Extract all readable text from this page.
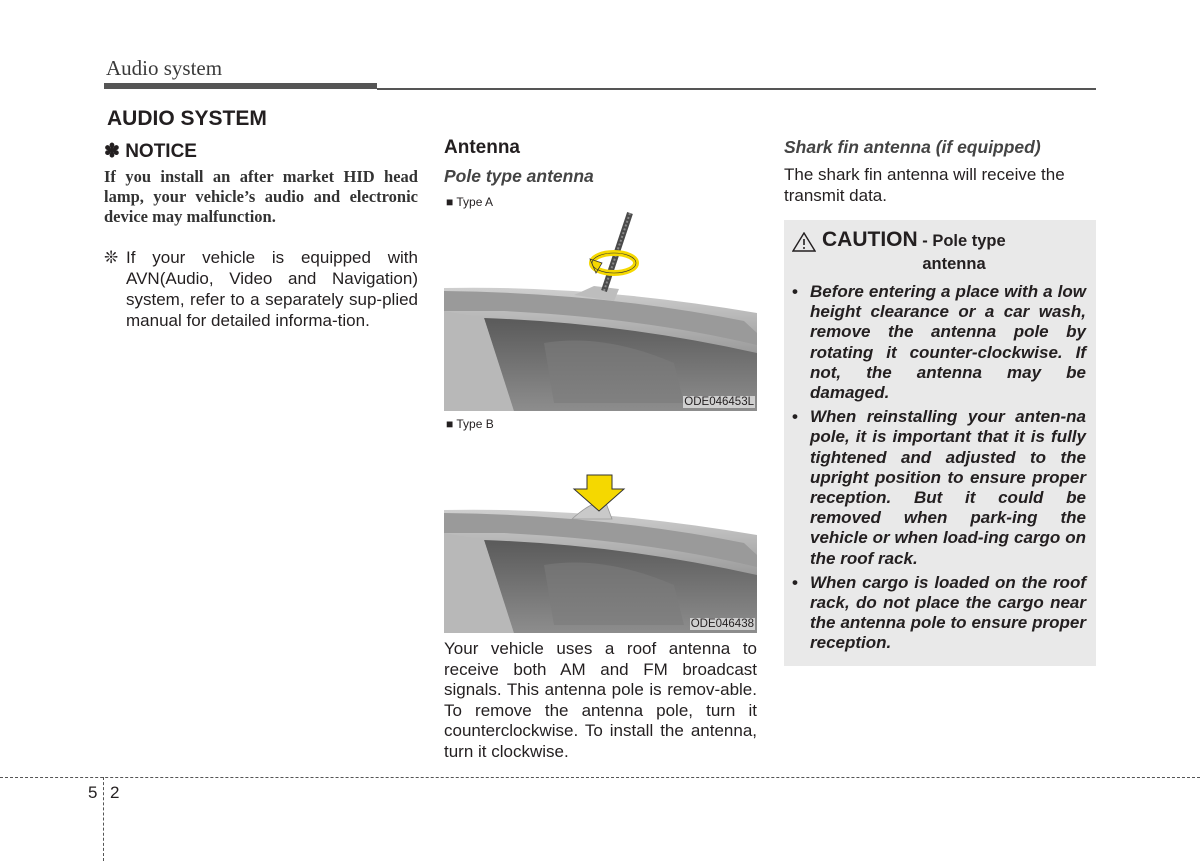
Audio system
AUDIO SYSTEM
✽ NOTICE
If you install an after market HID head lamp, your vehicle’s audio and electronic device may malfunction.
❊ If your vehicle is equipped with AVN(Audio, Video and Navigation) system, refer to a separately sup-plied manual for detailed informa-tion.
Antenna
Pole type antenna
■ Type A
ODE046453L
■ Type B
ODE046438
Your vehicle uses a roof antenna to receive both AM and FM broadcast signals. This antenna pole is remov-able. To remove the antenna pole, turn it counterclockwise. To install the antenna, turn it clockwise.
Shark fin antenna (if equipped)
The shark fin antenna will receive the transmit data.
CAUTION - Pole type
antenna
• Before entering a place with a low height clearance or a car wash, remove the antenna pole by rotating it counter-clockwise. If not, the antenna may be damaged.
• When reinstalling your anten-na pole, it is important that it is fully tightened and adjusted to the upright position to ensure proper reception. But it could be removed when park-ing the vehicle or when load-ing cargo on the roof rack.
• When cargo is loaded on the roof rack, do not place the cargo near the antenna pole to ensure proper reception.
5 2
